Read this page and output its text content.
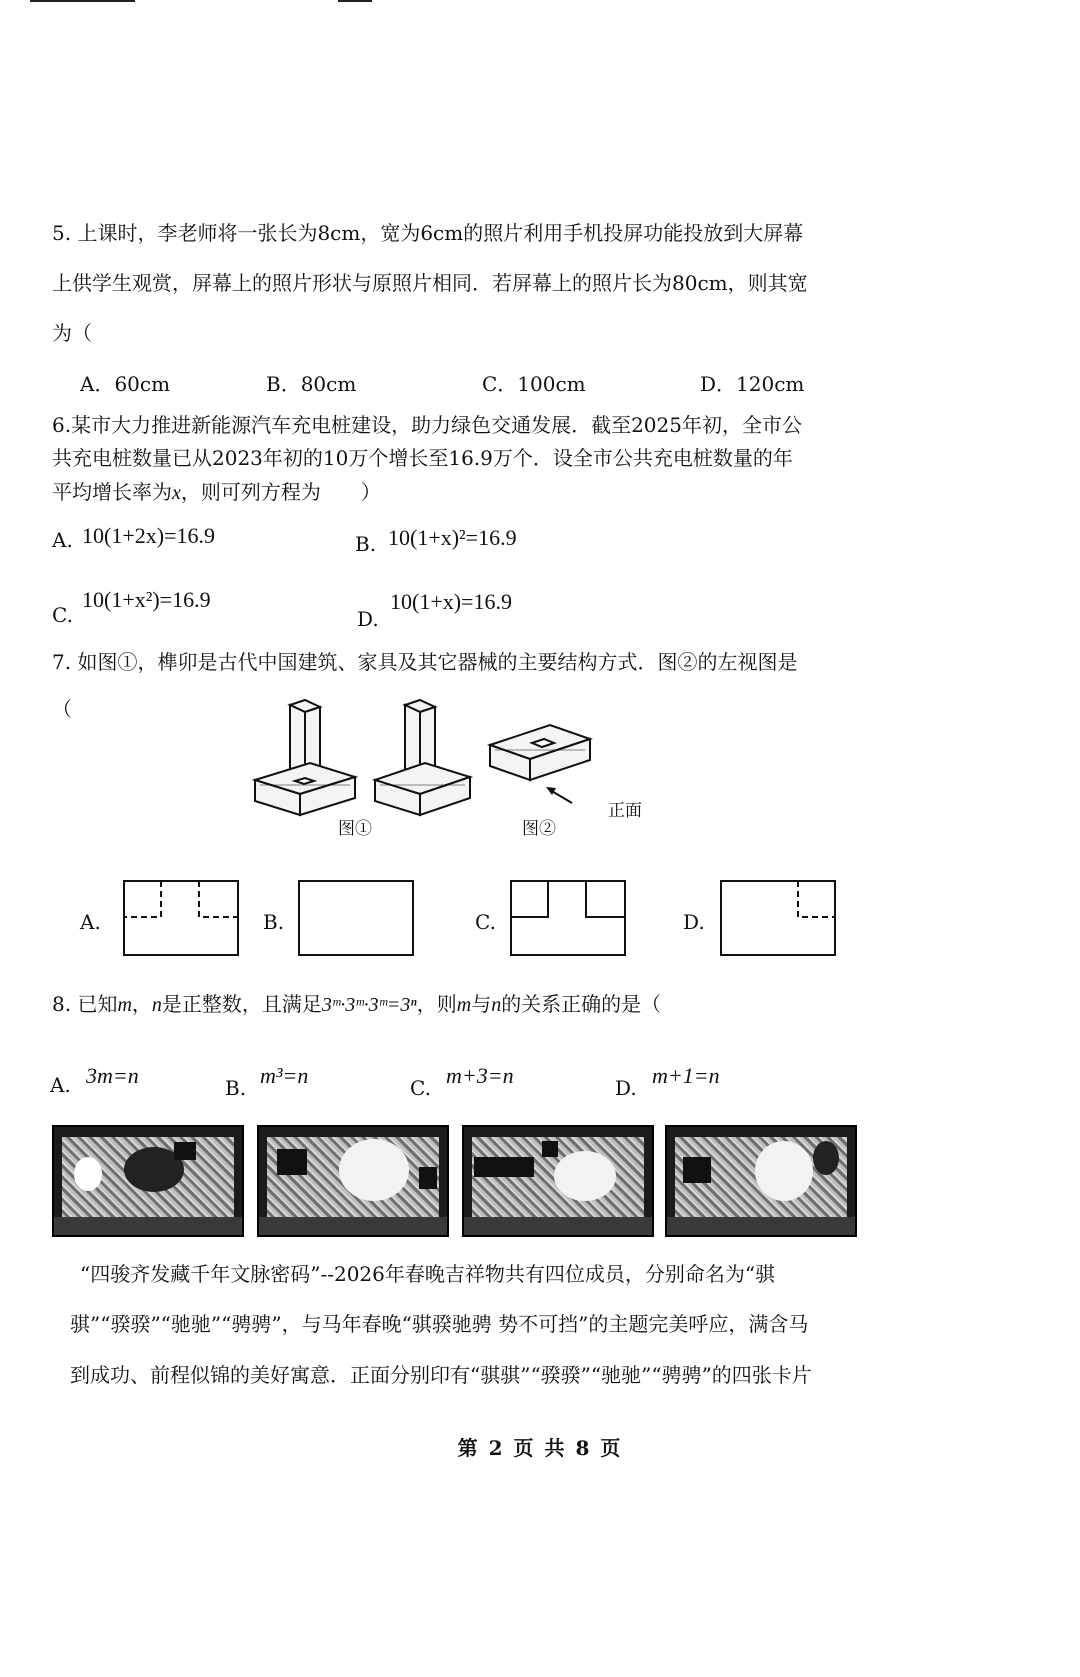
5. 上课时，李老师将一张长为8cm，宽为6cm的照片利用手机投屏功能投放到大屏幕
上供学生观赏，屏幕上的照片形状与原照片相同．若屏幕上的照片长为80cm，则其宽
为（
A．60cm	B．80cm	C．100cm	D．120cm
6.某市大力推进新能源汽车充电桩建设，助力绿色交通发展．截至2025年初，全市公
共充电桩数量已从2023年初的10万个增长至16.9万个．设全市公共充电桩数量的年
平均增长率为x，则可列方程为　　）
A. 10(1+2x)=16.9	B. 10(1+x)²=16.9
C.
10(1+x²)=16.9
D.
10(1+x)=16.9
7. 如图①，榫卯是古代中国建筑、家具及其它器械的主要结构方式．图②的左视图是
（
正面
图①	图②
A.	B.	C.	D.
8. 已知m，n是正整数，且满足3ᵐ·3ᵐ·3ᵐ=3ⁿ，则m与n的关系正确的是（
A. 3m=n	B. m³=n	C. m+3=n	D. m+1=n
“四骏齐发藏千年文脉密码”--2026年春晚吉祥物共有四位成员，分别命名为“骐
骐”“骙骙”“驰驰”“骋骋”，与马年春晚“骐骙驰骋 势不可挡”的主题完美呼应，满含马
到成功、前程似锦的美好寓意．正面分别印有“骐骐”“骙骙”“驰驰”“骋骋”的四张卡片
第 2 页 共 8 页
